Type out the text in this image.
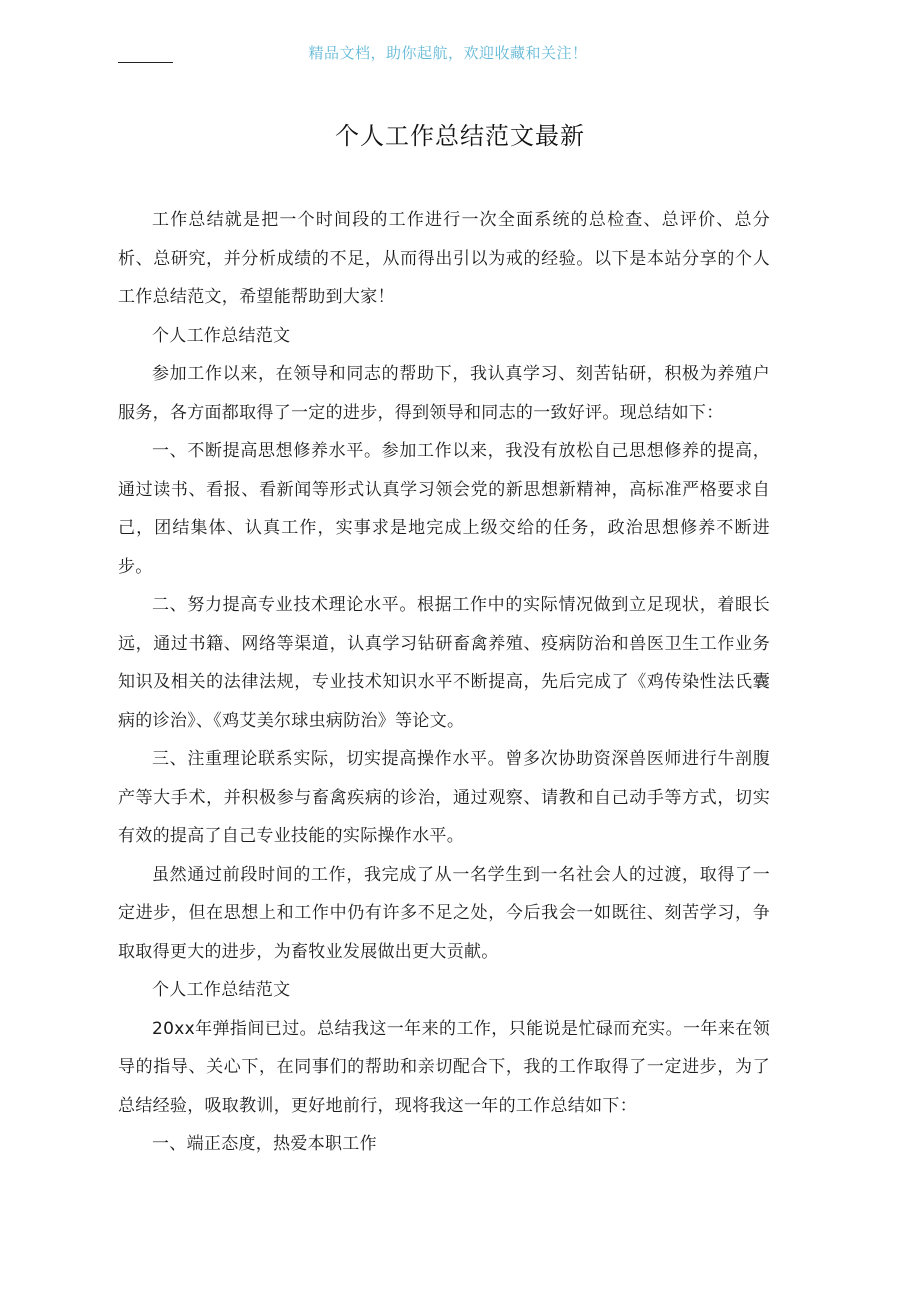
精品文档，助你起航，欢迎收藏和关注！
个人工作总结范文最新

工作总结就是把一个时间段的工作进行一次全面系统的总检查、总评价、总分析、总研究，并分析成绩的不足，从而得出引以为戒的经验。以下是本站分享的个人工作总结范文，希望能帮助到大家！

个人工作总结范文

参加工作以来，在领导和同志的帮助下，我认真学习、刻苦钻研，积极为养殖户服务，各方面都取得了一定的进步，得到领导和同志的一致好评。现总结如下：

一、不断提高思想修养水平。参加工作以来，我没有放松自己思想修养的提高，通过读书、看报、看新闻等形式认真学习领会党的新思想新精神，高标准严格要求自己，团结集体、认真工作，实事求是地完成上级交给的任务，政治思想修养不断进步。

二、努力提高专业技术理论水平。根据工作中的实际情况做到立足现状，着眼长远，通过书籍、网络等渠道，认真学习钻研畜禽养殖、疫病防治和兽医卫生工作业务知识及相关的法律法规，专业技术知识水平不断提高，先后完成了《鸡传染性法氏囊病的诊治》、《鸡艾美尔球虫病防治》等论文。

三、注重理论联系实际，切实提高操作水平。曾多次协助资深兽医师进行牛剖腹产等大手术，并积极参与畜禽疾病的诊治，通过观察、请教和自己动手等方式，切实有效的提高了自己专业技能的实际操作水平。

虽然通过前段时间的工作，我完成了从一名学生到一名社会人的过渡，取得了一定进步，但在思想上和工作中仍有许多不足之处，今后我会一如既往、刻苦学习，争取取得更大的进步，为畜牧业发展做出更大贡献。

个人工作总结范文

20xx年弹指间已过。总结我这一年来的工作，只能说是忙碌而充实。一年来在领导的指导、关心下，在同事们的帮助和亲切配合下，我的工作取得了一定进步，为了总结经验，吸取教训，更好地前行，现将我这一年的工作总结如下：

一、端正态度，热爱本职工作
